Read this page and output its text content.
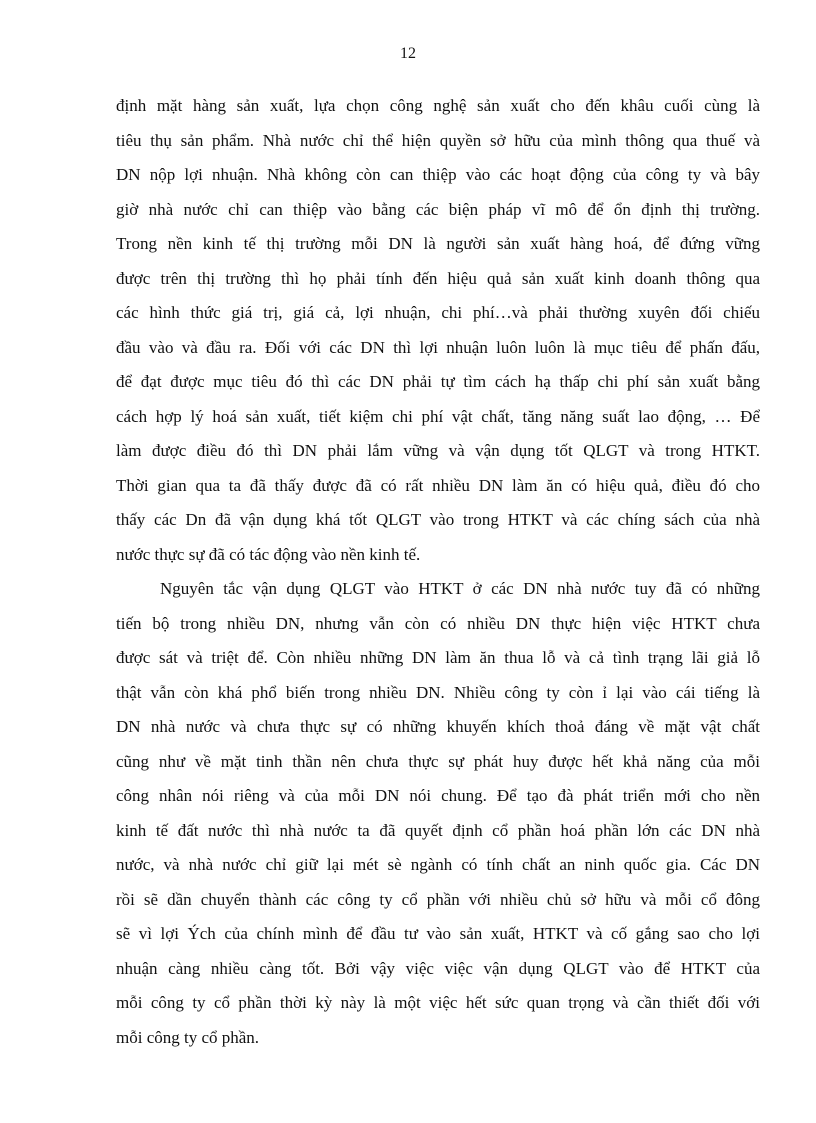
12
định mặt hàng sản xuất, lựa chọn công nghệ sản xuất cho đến khâu cuối cùng là
tiêu thụ sản phẩm. Nhà nước chỉ thể hiện quyền sở hữu của mình thông qua thuế và
DN nộp lợi nhuận. Nhà không còn can thiệp vào các hoạt động của công ty và bây
giờ nhà nước chỉ can thiệp vào bằng các biện pháp vĩ mô để ổn định thị trường.
Trong nền kinh tế thị trường mỗi DN là người sản xuất hàng hoá, để đứng vững
được trên thị trường thì họ phải tính đến hiệu quả sản xuất kinh doanh thông qua
các hình thức giá trị, giá cả, lợi nhuận, chi phí…và phải thường xuyên đối chiếu
đầu vào và đầu ra. Đối với các DN thì lợi nhuận luôn luôn là mục tiêu để phấn đấu,
để đạt được mục tiêu đó thì các DN phải tự tìm cách hạ thấp chi phí sản xuất bằng
cách hợp lý hoá sản xuất, tiết kiệm chi phí vật chất, tăng năng suất lao động, … Để
làm được điều đó thì DN phải lắm vững và vận dụng tốt QLGT và trong HTKT.
Thời gian qua ta đã thấy được đã có rất nhiều DN làm ăn có hiệu quả, điều đó cho
thấy các Dn đã vận dụng khá tốt QLGT vào trong HTKT và các chíng sách của nhà
nước thực sự đã có tác động vào nền kinh tế.
Nguyên tắc vận dụng QLGT vào HTKT ở các DN nhà nước tuy đã có những
tiến bộ trong nhiều DN, nhưng vẫn còn có nhiều DN thực hiện việc HTKT chưa
được sát và triệt để. Còn nhiều những DN làm ăn thua lỗ và cả tình trạng lãi giả lỗ
thật vẫn còn khá phổ biến trong nhiều DN. Nhiều công ty còn ỉ lại vào cái tiếng là
DN nhà nước và chưa thực sự có những khuyến khích thoả đáng về mặt vật chất
cũng như về mặt tinh thần nên chưa thực sự phát huy được hết khả năng của mỗi
công nhân nói riêng và của mỗi DN nói chung. Để tạo đà phát triển mới cho nền
kinh tế đất nước thì nhà nước ta đã quyết định cổ phần hoá phần lớn các DN nhà
nước, và nhà nước chỉ giữ lại mét sè ngành có tính chất an ninh quốc gia. Các DN
rồi sẽ dần chuyển thành các công ty cổ phần với nhiều chủ sở hữu và mỗi cổ đông
sẽ vì lợi Ých của chính mình để đầu tư vào sản xuất, HTKT và cố gắng sao cho lợi
nhuận càng nhiều càng tốt. Bởi vậy việc việc vận dụng QLGT vào để HTKT của
mỗi công ty cổ phần thời kỳ này là một việc hết sức quan trọng và cần thiết đối với
mỗi công ty cổ phần.
